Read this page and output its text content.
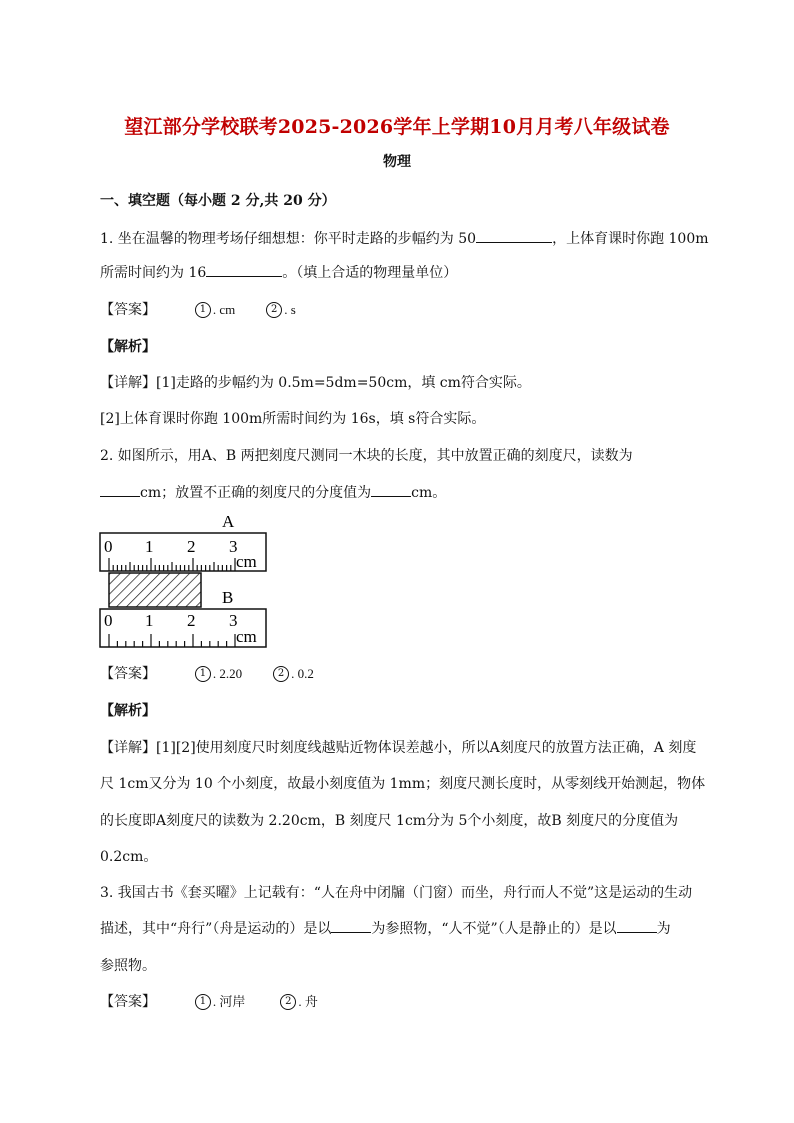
望江部分学校联考2025-2026学年上学期10月月考八年级试卷
物理
一、填空题（每小题 2 分,共 20 分）
1. 坐在温馨的物理考场仔细想想：你平时走路的步幅约为 50	，上体育课时你跑 100m
所需时间约为 16	。（填上合适的物理量单位）
【答案】	1 . cm	2 . s
【解析】
【详解】[1]走路的步幅约为 0.5m=5dm=50cm，填 cm符合实际。
[2]上体育课时你跑 100m所需时间约为 16s，填 s符合实际。
2. 如图所示，用A、B 两把刻度尺测同一木块的长度，其中放置正确的刻度尺，读数为
cm；放置不正确的刻度尺的分度值为	cm。
A
0 1 2 3
cm
B
0 1 2 3
cm
【答案】	1 . 2.20	2 . 0.2
【解析】
【详解】[1][2]使用刻度尺时刻度线越贴近物体误差越小，所以A刻度尺的放置方法正确，A 刻度
尺 1cm又分为 10 个小刻度，故最小刻度值为 1mm；刻度尺测长度时，从零刻线开始测起，物体
的长度即A刻度尺的读数为 2.20cm，B 刻度尺 1cm分为 5个小刻度，故B 刻度尺的分度值为
0.2cm。
3. 我国古书《套买曜》上记载有：“人在舟中闭牖（门窗）而坐，舟行而人不觉”这是运动的生动
描述，其中“舟行”（舟是运动的）是以	为参照物，“人不觉”（人是静止的）是以	为
参照物。
【答案】	1 . 河岸	2 . 舟
